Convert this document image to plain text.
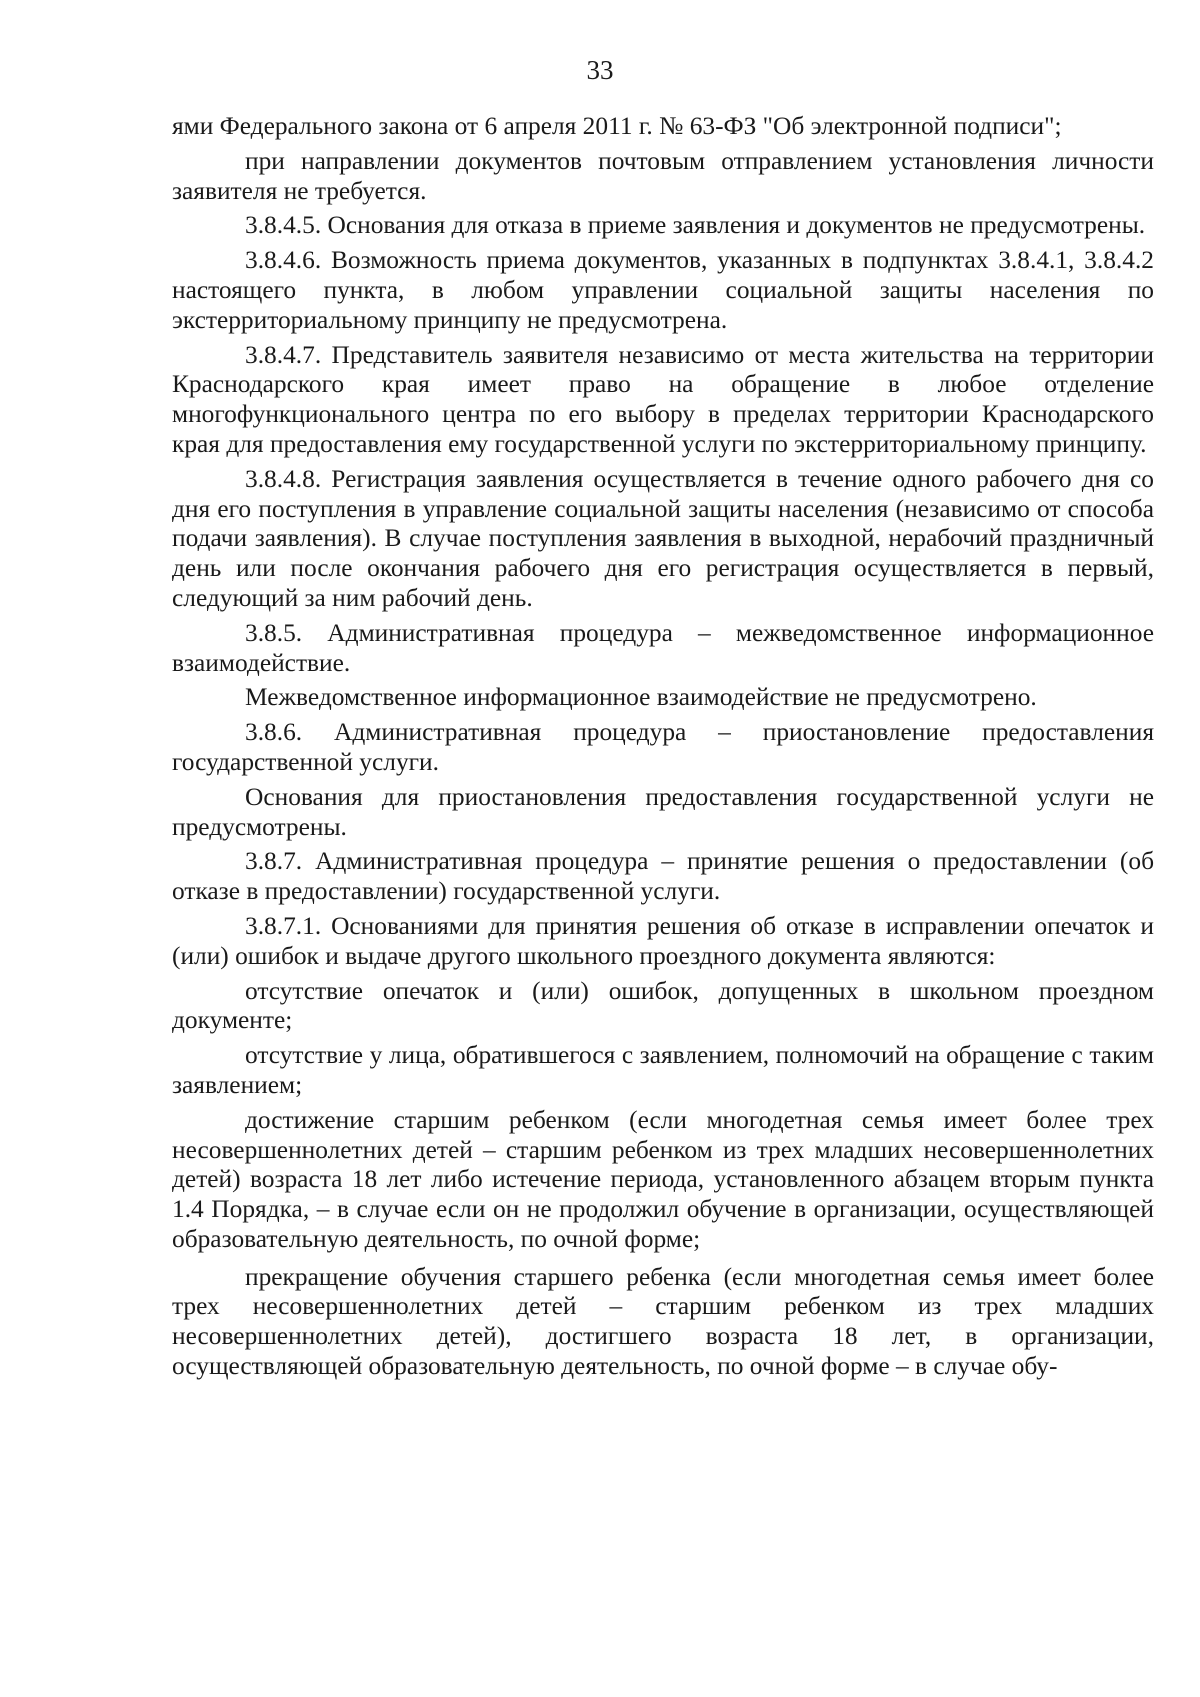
33

ями Федерального закона от 6 апреля 2011 г. № 63-ФЗ "Об электронной подписи";

при направлении документов почтовым отправлением установления личности заявителя не требуется.

3.8.4.5. Основания для отказа в приеме заявления и документов не предусмотрены.

3.8.4.6. Возможность приема документов, указанных в подпунктах 3.8.4.1, 3.8.4.2 настоящего пункта, в любом управлении социальной защиты населения по экстерриториальному принципу не предусмотрена.

3.8.4.7. Представитель заявителя независимо от места жительства на территории Краснодарского края имеет право на обращение в любое отделение многофункционального центра по его выбору в пределах территории Краснодарского края для предоставления ему государственной услуги по экстерриториальному принципу.

3.8.4.8. Регистрация заявления осуществляется в течение одного рабочего дня со дня его поступления в управление социальной защиты населения (независимо от способа подачи заявления). В случае поступления заявления в выходной, нерабочий праздничный день или после окончания рабочего дня его регистрация осуществляется в первый, следующий за ним рабочий день.

3.8.5. Административная процедура – межведомственное информационное взаимодействие.

Межведомственное информационное взаимодействие не предусмотрено.

3.8.6. Административная процедура – приостановление предоставления государственной услуги.

Основания для приостановления предоставления государственной услуги не предусмотрены.

3.8.7. Административная процедура – принятие решения о предоставлении (об отказе в предоставлении) государственной услуги.

3.8.7.1. Основаниями для принятия решения об отказе в исправлении опечаток и (или) ошибок и выдаче другого школьного проездного документа являются:

отсутствие опечаток и (или) ошибок, допущенных в школьном проездном документе;

отсутствие у лица, обратившегося с заявлением, полномочий на обращение с таким заявлением;

достижение старшим ребенком (если многодетная семья имеет более трех несовершеннолетних детей – старшим ребенком из трех младших несовершеннолетних детей) возраста 18 лет либо истечение периода, установленного абзацем вторым пункта 1.4 Порядка, – в случае если он не продолжил обучение в организации, осуществляющей образовательную деятельность, по очной форме;

прекращение обучения старшего ребенка (если многодетная семья имеет более трех несовершеннолетних детей – старшим ребенком из трех младших несовершеннолетних детей), достигшего возраста 18 лет, в организации, осуществляющей образовательную деятельность, по очной форме – в случае обу-
